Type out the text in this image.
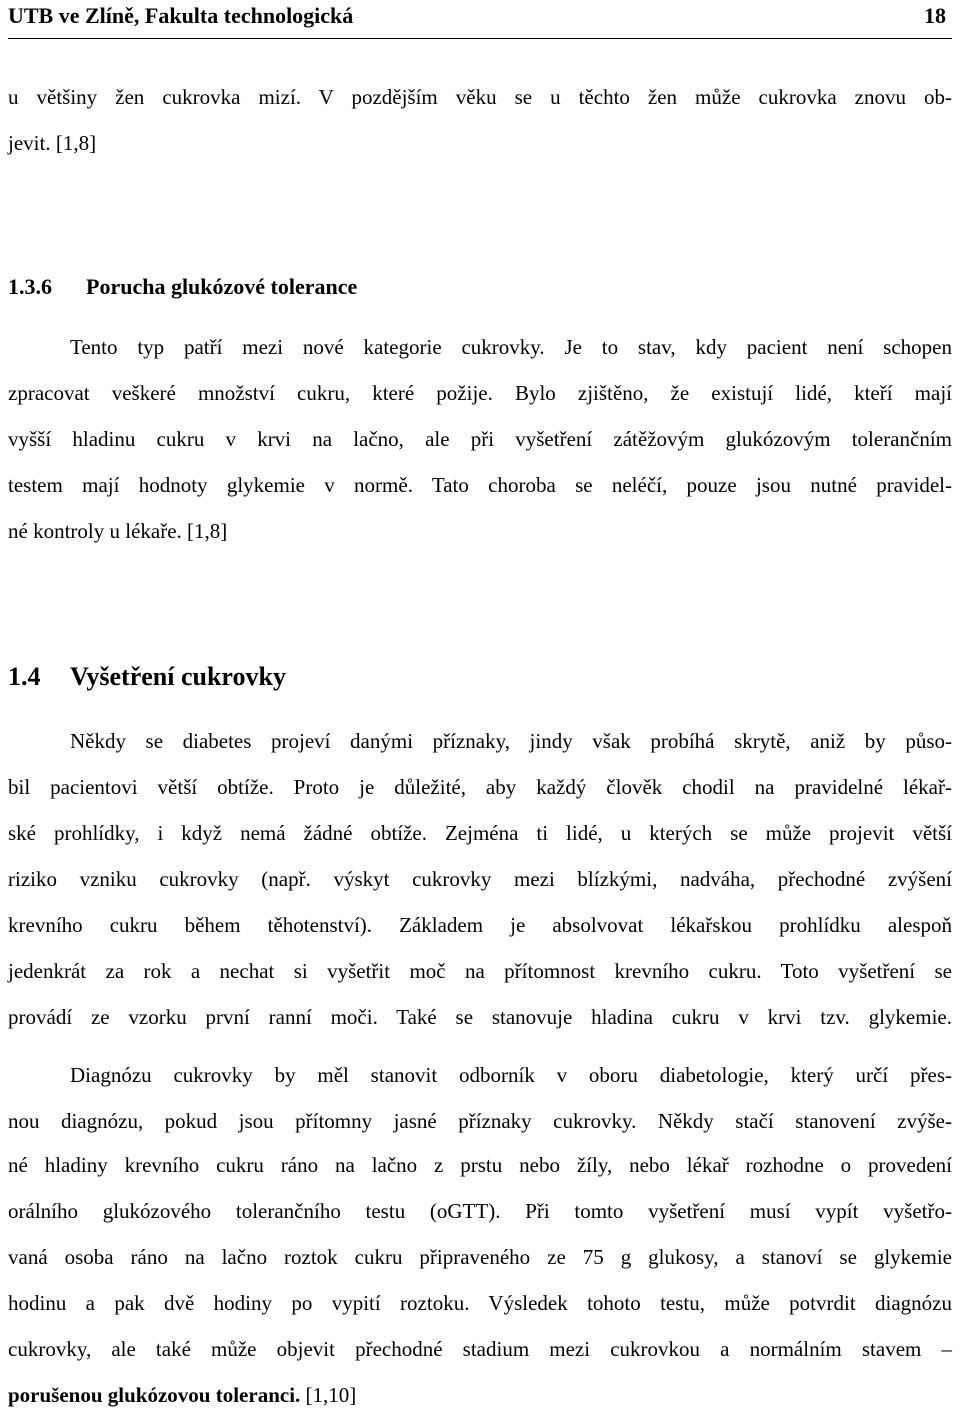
UTB ve Zlíně, Fakulta technologická	18
u většiny žen cukrovka mizí. V pozdějším věku se u těchto žen může cukrovka znovu ob-
jevit. [1,8]
1.3.6 Porucha glukózové tolerance
Tento typ patří mezi nové kategorie cukrovky. Je to stav, kdy pacient není schopen
zpracovat veškeré množství cukru, které požije. Bylo zjištěno, že existují lidé, kteří mají
vyšší hladinu cukru v krvi na lačno, ale při vyšetření zátěžovým glukózovým tolerančním
testem mají hodnoty glykemie v normě. Tato choroba se neléčí, pouze jsou nutné pravidel-
né kontroly u lékaře. [1,8]
1.4 Vyšetření cukrovky
Někdy se diabetes projeví danými příznaky, jindy však probíhá skrytě, aniž by půso-
bil pacientovi větší obtíže. Proto je důležité, aby každý člověk chodil na pravidelné lékař-
ské prohlídky, i když nemá žádné obtíže. Zejména ti lidé, u kterých se může projevit větší
riziko vzniku cukrovky (např. výskyt cukrovky mezi blízkými, nadváha, přechodné zvýšení
krevního cukru během těhotenství). Základem je absolvovat lékařskou prohlídku alespoň
jedenkrát za rok a nechat si vyšetřit moč na přítomnost krevního cukru. Toto vyšetření se
provádí ze vzorku první ranní moči. Také se stanovuje hladina cukru v krvi tzv. glykemie.
Diagnózu cukrovky by měl stanovit odborník v oboru diabetologie, který určí přes-
nou diagnózu, pokud jsou přítomny jasné příznaky cukrovky. Někdy stačí stanovení zvýše-
né hladiny krevního cukru ráno na lačno z prstu nebo žíly, nebo lékař rozhodne o provedení
orálního glukózového tolerančního testu (oGTT). Při tomto vyšetření musí vypít vyšetřo-
vaná osoba ráno na lačno roztok cukru připraveného ze 75 g glukosy, a stanoví se glykemie
hodinu a pak dvě hodiny po vypití roztoku. Výsledek tohoto testu, může potvrdit diagnózu
cukrovky, ale také může objevit přechodné stadium mezi cukrovkou a normálním stavem –
porušenou glukózovou toleranci. [1,10]
